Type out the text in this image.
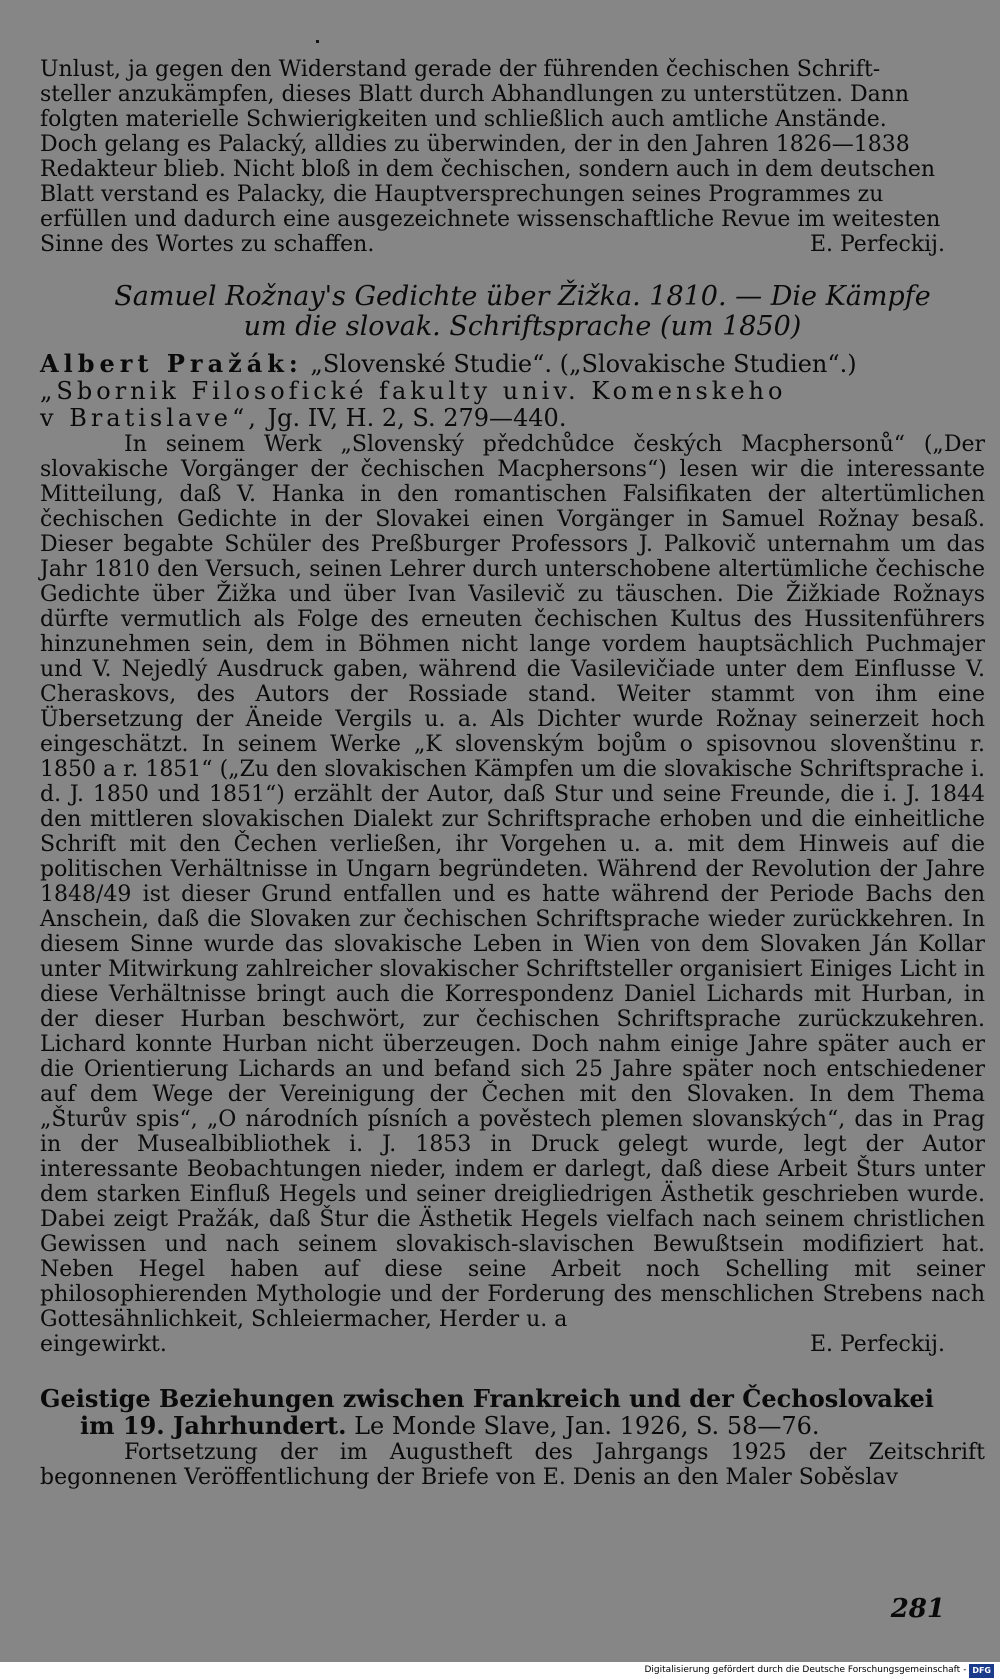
Unlust, ja gegen den Widerstand gerade der führenden čechischen Schrift-

steller anzukämpfen, dieses Blatt durch Abhandlungen zu unterstützen. Dann

folgten materielle Schwierigkeiten und schließlich auch amtliche Anstände.

Doch gelang es Palacký, alldies zu überwinden, der in den Jahren 1826—1838

Redakteur blieb. Nicht bloß in dem čechischen, sondern auch in dem deutschen

Blatt verstand es Palacky, die Hauptversprechungen seines Programmes zu

erfüllen und dadurch eine ausgezeichnete wissenschaftliche Revue im weitesten

Sinne des Wortes zu schaffen.	E. Perfeckij.
Samuel Rožnay's Gedichte über Žižka. 1810. — Die Kämpfe
um die slovak. Schriftsprache (um 1850)

Albert Pražák: „Slovenské Studie“. („Slovakische Studien“.)
„Sbornik Filosofické fakulty univ. Komenskeho
v Bratislave“, Jg. IV, H. 2, S. 279—440.

In seinem Werk „Slovenský předchůdce českých Macphersonů“ („Der slovakische Vorgänger der čechischen Macphersons“) lesen wir die interessante Mitteilung, daß V. Hanka in den romantischen Falsifikaten der altertümlichen čechischen Gedichte in der Slovakei einen Vorgänger in Samuel Rožnay besaß. Dieser begabte Schüler des Preßburger Professors J. Palkovič unternahm um das Jahr 1810 den Versuch, seinen Lehrer durch unterschobene altertümliche čechische Gedichte über Žižka und über Ivan Vasilevič zu täuschen. Die Žižkiade Rožnays dürfte vermutlich als Folge des erneuten čechischen Kultus des Hussitenführers hinzunehmen sein, dem in Böhmen nicht lange vordem hauptsächlich Puchmajer und V. Nejedlý Ausdruck gaben, während die Vasilevičiade unter dem Einflusse V. Cheraskovs, des Autors der Rossiade stand. Weiter stammt von ihm eine Übersetzung der Äneide Vergils u. a. Als Dichter wurde Rožnay seinerzeit hoch eingeschätzt. In seinem Werke „K slovenským bojům o spisovnou slovenštinu r. 1850 a r. 1851“ („Zu den slovakischen Kämpfen um die slovakische Schriftsprache i. d. J. 1850 und 1851“) erzählt der Autor, daß Stur und seine Freunde, die i. J. 1844 den mittleren slovakischen Dialekt zur Schriftsprache erhoben und die einheitliche Schrift mit den Čechen verließen, ihr Vorgehen u. a. mit dem Hinweis auf die politischen Verhältnisse in Ungarn begründeten. Während der Revolution der Jahre 1848/49 ist dieser Grund entfallen und es hatte während der Periode Bachs den Anschein, daß die Slovaken zur čechischen Schriftsprache wieder zurückkehren. In diesem Sinne wurde das slovakische Leben in Wien von dem Slovaken Ján Kollar unter Mitwirkung zahlreicher slovakischer Schriftsteller organisiert Einiges Licht in diese Verhältnisse bringt auch die Korrespondenz Daniel Lichards mit Hurban, in der dieser Hurban beschwört, zur čechischen Schriftsprache zurückzukehren. Lichard konnte Hurban nicht überzeugen. Doch nahm einige Jahre später auch er die Orientierung Lichards an und befand sich 25 Jahre später noch entschiedener auf dem Wege der Vereinigung der Čechen mit den Slovaken. In dem Thema „Šturův spis“, „O národních písních a pověstech plemen slovanských“, das in Prag in der Musealbibliothek i. J. 1853 in Druck gelegt wurde, legt der Autor interessante Beobachtungen nieder, indem er darlegt, daß diese Arbeit Šturs unter dem starken Einfluß Hegels und seiner dreigliedrigen Ästhetik geschrieben wurde. Dabei zeigt Pražák, daß Štur die Ästhetik Hegels vielfach nach seinem christlichen Gewissen und nach seinem slovakisch-slavischen Bewußtsein modifiziert hat. Neben Hegel haben auf diese seine Arbeit noch Schelling mit seiner philosophierenden Mythologie und der Forderung des menschlichen Strebens nach Gottesähnlichkeit, Schleiermacher, Herder u. a

eingewirkt.	E. Perfeckij.

Geistige Beziehungen zwischen Frankreich und der Čechoslovakei
im 19. Jahrhundert. Le Monde Slave, Jan. 1926, S. 58—76.

Fortsetzung der im Augustheft des Jahrgangs 1925 der Zeitschrift begonnenen Veröffentlichung der Briefe von E. Denis an den Maler Soběslav

281
Digitalisierung gefördert durch die Deutsche Forschungsgemeinschaft - DFG
